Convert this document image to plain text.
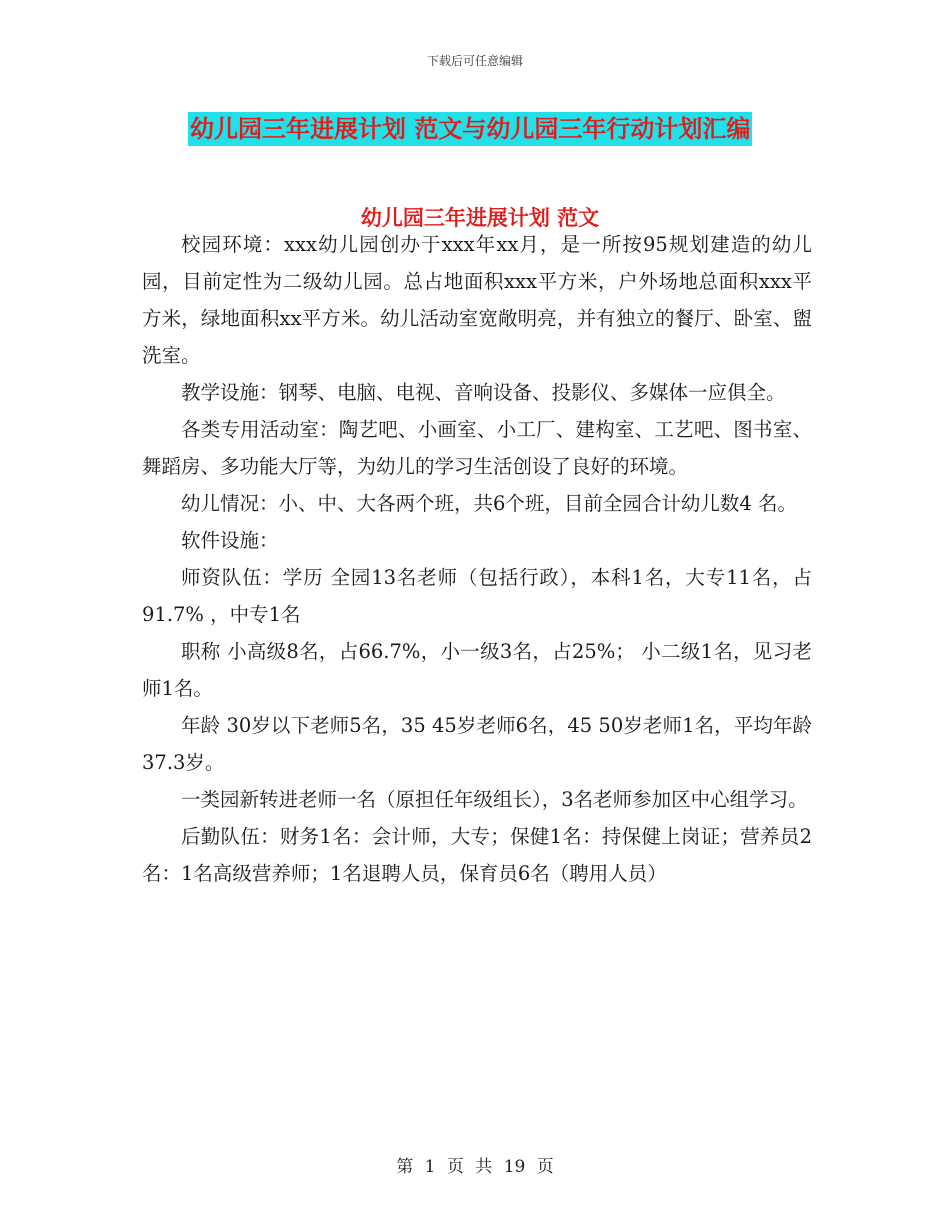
下载后可任意编辑
幼儿园三年进展计划 范文与幼儿园三年行动计划汇编
幼儿园三年进展计划 范文

校园环境：xxx幼儿园创办于xxx年xx月，是一所按95规划建造的幼儿园，目前定性为二级幼儿园。总占地面积xxx平方米，户外场地总面积xxx平方米，绿地面积xx平方米。幼儿活动室宽敞明亮，并有独立的餐厅、卧室、盥洗室。

教学设施：钢琴、电脑、电视、音响设备、投影仪、多媒体一应俱全。

各类专用活动室：陶艺吧、小画室、小工厂、建构室、工艺吧、图书室、舞蹈房、多功能大厅等，为幼儿的学习生活创设了良好的环境。

幼儿情况：小、中、大各两个班，共6个班，目前全园合计幼儿数4 名。

软件设施：

师资队伍：学历 全园13名老师（包括行政），本科1名，大专11名，占91.7% ，中专1名

职称 小高级8名，占66.7%，小一级3名，占25%； 小二级1名，见习老师1名。

年龄 30岁以下老师5名，35 45岁老师6名，45 50岁老师1名，平均年龄37.3岁。

一类园新转进老师一名（原担任年级组长），3名老师参加区中心组学习。

后勤队伍：财务1名：会计师，大专；保健1名：持保健上岗证；营养员2名：1名高级营养师；1名退聘人员，保育员6名（聘用人员）

第 1 页 共 19 页
